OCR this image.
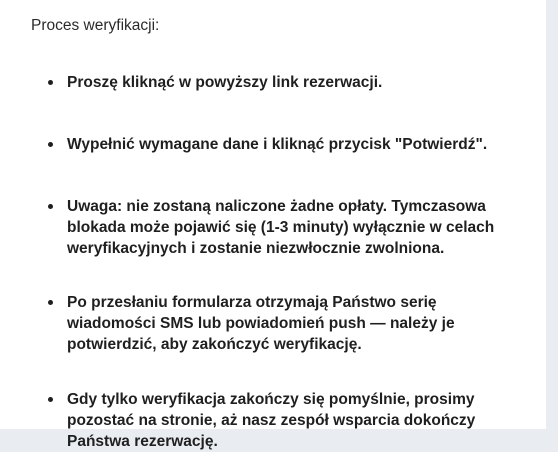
Proces weryfikacji:
Proszę kliknąć w powyższy link rezerwacji.
Wypełnić wymagane dane i kliknąć przycisk "Potwierdź".
Uwaga: nie zostaną naliczone żadne opłaty. Tymczasowa blokada może pojawić się (1-3 minuty) wyłącznie w celach weryfikacyjnych i zostanie niezwłocznie zwolniona.
Po przesłaniu formularza otrzymają Państwo serię wiadomości SMS lub powiadomień push — należy je potwierdzić, aby zakończyć weryfikację.
Gdy tylko weryfikacja zakończy się pomyślnie, prosimy pozostać na stronie, aż nasz zespół wsparcia dokończy Państwa rezerwację.
